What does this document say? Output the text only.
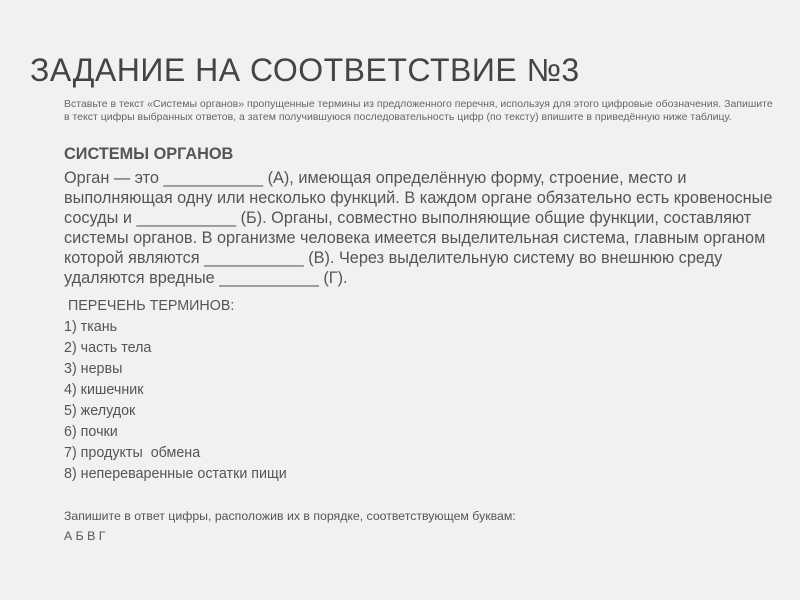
ЗАДАНИЕ НА СООТВЕТСТВИЕ №3
Вставьте в текст «Системы органов» пропущенные термины из предложенного перечня, используя для этого цифровые обозначения. Запишите в текст цифры выбранных ответов, а затем получившуюся последовательность цифр (по тексту) впишите в приведённую ниже таблицу.
СИСТЕМЫ ОРГАНОВ
Орган — это ___________ (А), имеющая определённую форму, строение, место и выполняющая одну или несколько функций. В каждом органе обязательно есть кровеносные сосуды и ___________ (Б). Органы, совместно выполняющие общие функции, составляют системы органов. В организме человека имеется выделительная система, главным органом которой являются ___________ (В). Через выделительную систему во внешнюю среду удаляются вредные ___________ (Г).
ПЕРЕЧЕНЬ ТЕРМИНОВ:
1) ткань
2) часть тела
3) нервы
4) кишечник
5) желудок
6) почки
7) продукты  обмена
8) непереваренные остатки пищи
Запишите в ответ цифры, расположив их в порядке, соответствующем буквам:
А Б В Г
